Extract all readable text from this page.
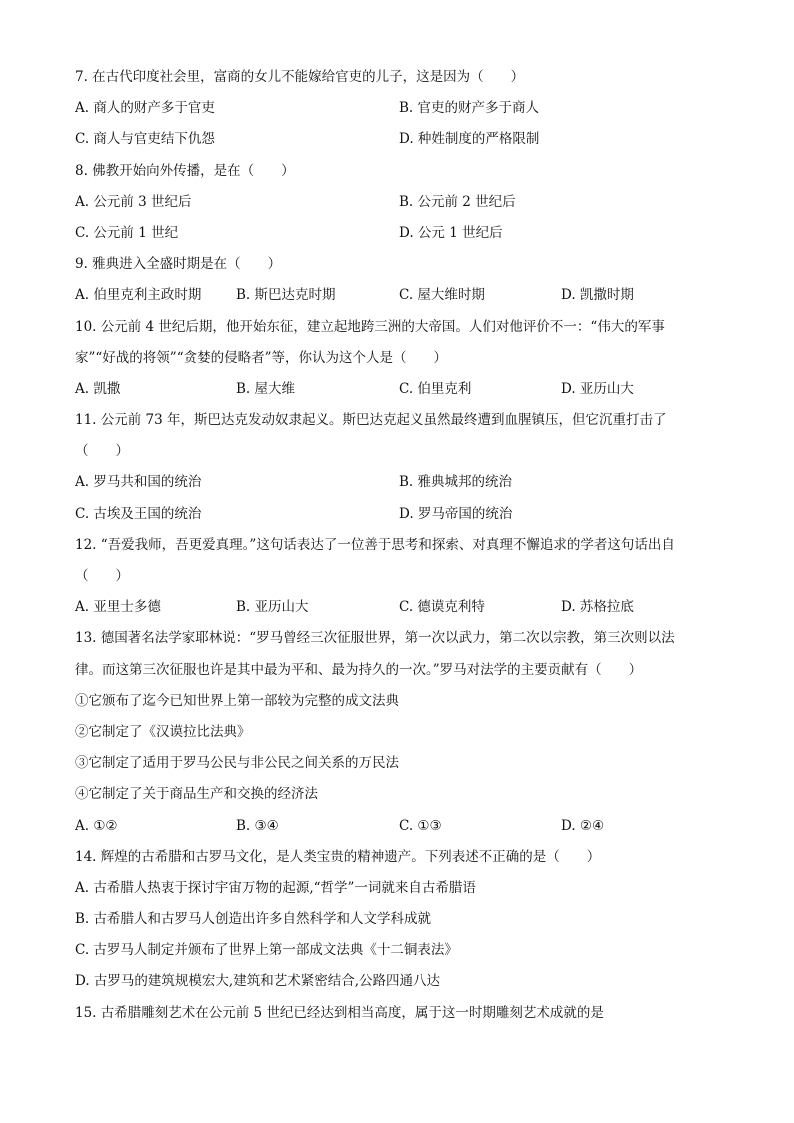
7. 在古代印度社会里，富商的女儿不能嫁给官吏的儿子，这是因为（　　）
A. 商人的财产多于官吏	B. 官吏的财产多于商人
C. 商人与官吏结下仇怨	D. 种姓制度的严格限制
8. 佛教开始向外传播，是在（　　）
A. 公元前 3 世纪后	B. 公元前 2 世纪后
C. 公元前 1 世纪	D. 公元 1 世纪后
9. 雅典进入全盛时期是在（　　）
A. 伯里克利主政时期	B. 斯巴达克时期	C. 屋大维时期	D. 凯撒时期
10. 公元前 4 世纪后期，他开始东征，建立起地跨三洲的大帝国。人们对他评价不一：“伟大的军事
家”“好战的将领”“贪婪的侵略者”等，你认为这个人是（　　）
A. 凯撒	B. 屋大维	C. 伯里克利	D. 亚历山大
11. 公元前 73 年，斯巴达克发动奴隶起义。斯巴达克起义虽然最终遭到血腥镇压，但它沉重打击了
（　　）
A. 罗马共和国的统治	B. 雅典城邦的统治
C. 古埃及王国的统治	D. 罗马帝国的统治
12. “吾爱我师，吾更爱真理。”这句话表达了一位善于思考和探索、对真理不懈追求的学者这句话出自
（　　）
A. 亚里士多德	B. 亚历山大	C. 德谟克利特	D. 苏格拉底
13. 德国著名法学家耶林说：“罗马曾经三次征服世界，第一次以武力，第二次以宗教，第三次则以法
律。而这第三次征服也许是其中最为平和、最为持久的一次。”罗马对法学的主要贡献有（　　）
①它颁布了迄今已知世界上第一部较为完整的成文法典
②它制定了《汉谟拉比法典》
③它制定了适用于罗马公民与非公民之间关系的万民法
④它制定了关于商品生产和交换的经济法
A. ①②	B. ③④	C. ①③	D. ②④
14. 辉煌的古希腊和古罗马文化，是人类宝贵的精神遗产。下列表述不正确的是（　　）
A. 古希腊人热衷于探讨宇宙万物的起源,“哲学”一词就来自古希腊语
B. 古希腊人和古罗马人创造出许多自然科学和人文学科成就
C. 古罗马人制定并颁布了世界上第一部成文法典《十二铜表法》
D. 古罗马的建筑规模宏大,建筑和艺术紧密结合,公路四通八达
15. 古希腊雕刻艺术在公元前 5 世纪已经达到相当高度，属于这一时期雕刻艺术成就的是
